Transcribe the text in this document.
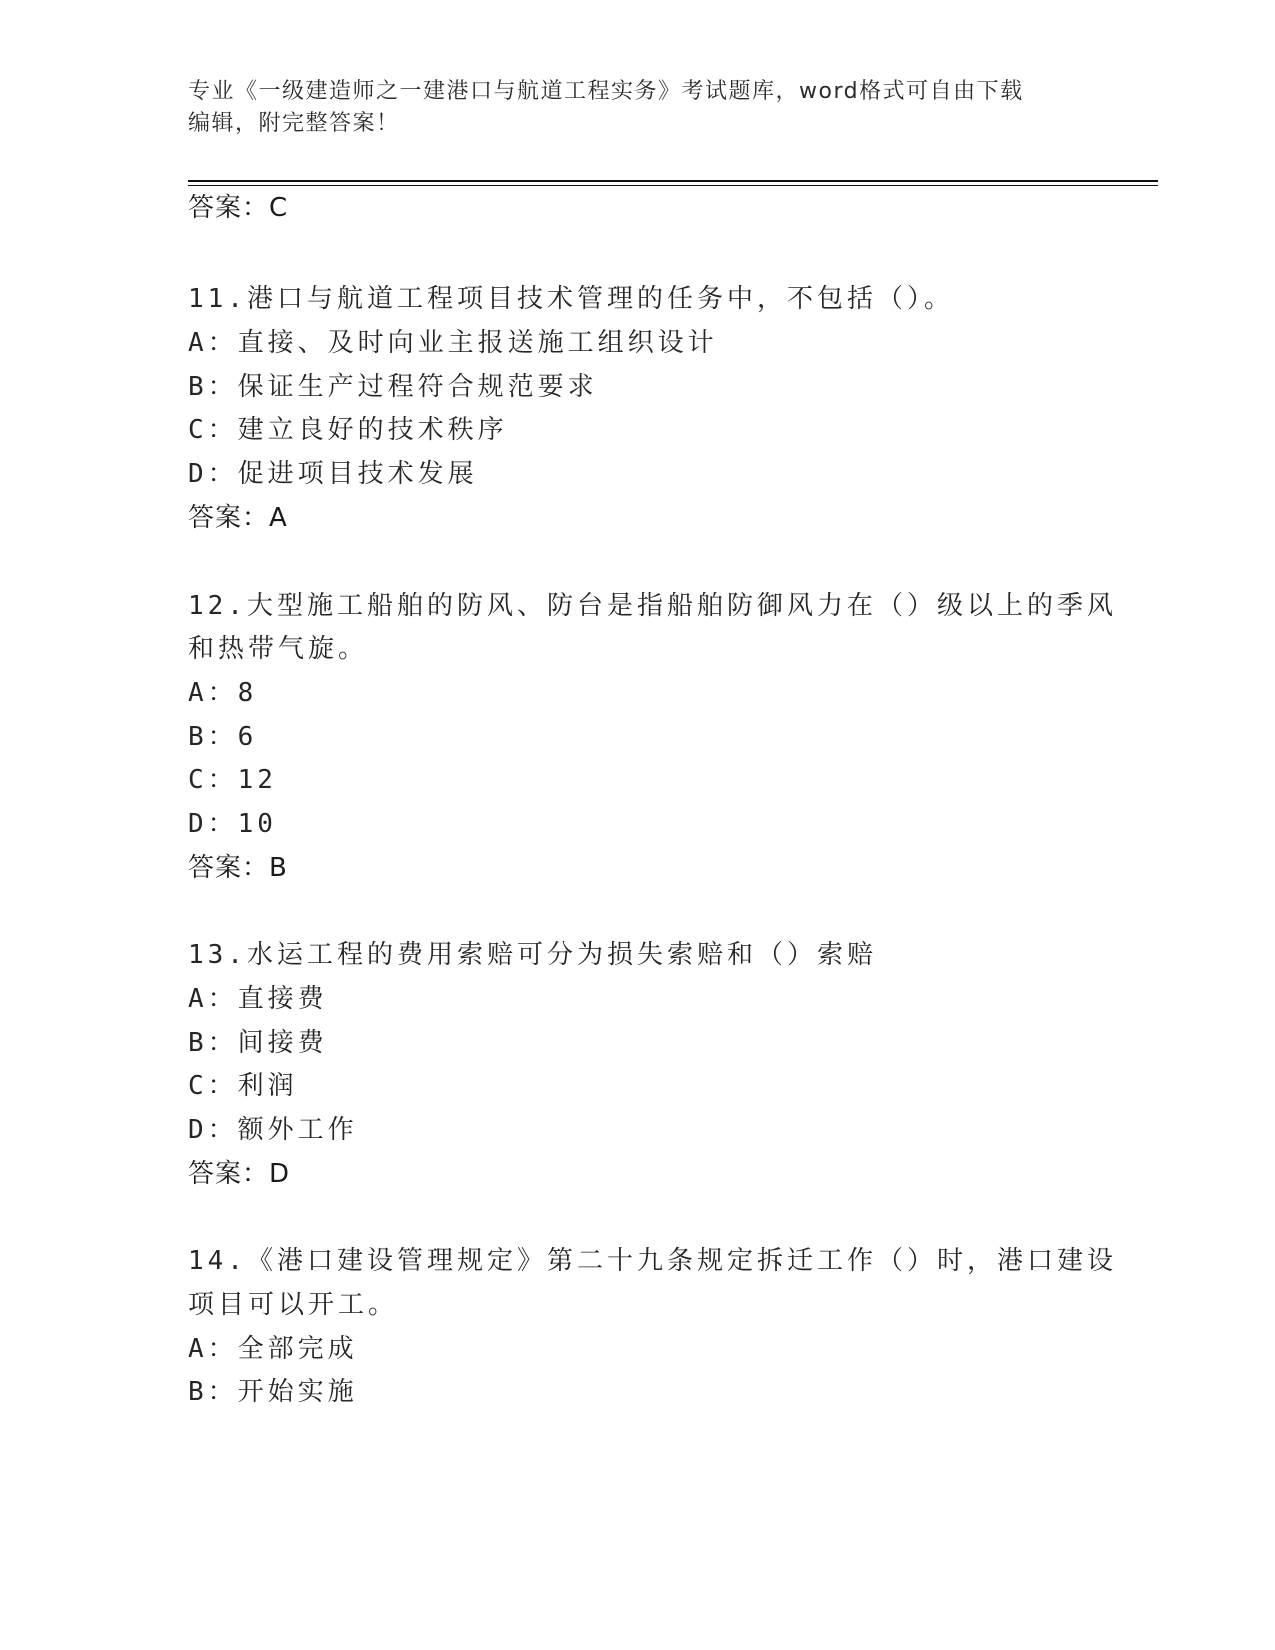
专业《一级建造师之一建港口与航道工程实务》考试题库，word格式可自由下载
编辑，附完整答案！
答案：C
11.港口与航道工程项目技术管理的任务中，不包括（）。
A：直接、及时向业主报送施工组织设计
B：保证生产过程符合规范要求
C：建立良好的技术秩序
D：促进项目技术发展
答案：A
12.大型施工船舶的防风、防台是指船舶防御风力在（）级以上的季风
和热带气旋。
A：8
B：6
C：12
D：10
答案：B
13.水运工程的费用索赔可分为损失索赔和（）索赔
A：直接费
B：间接费
C：利润
D：额外工作
答案：D
14.《港口建设管理规定》第二十九条规定拆迁工作（）时，港口建设
项目可以开工。
A：全部完成
B：开始实施
